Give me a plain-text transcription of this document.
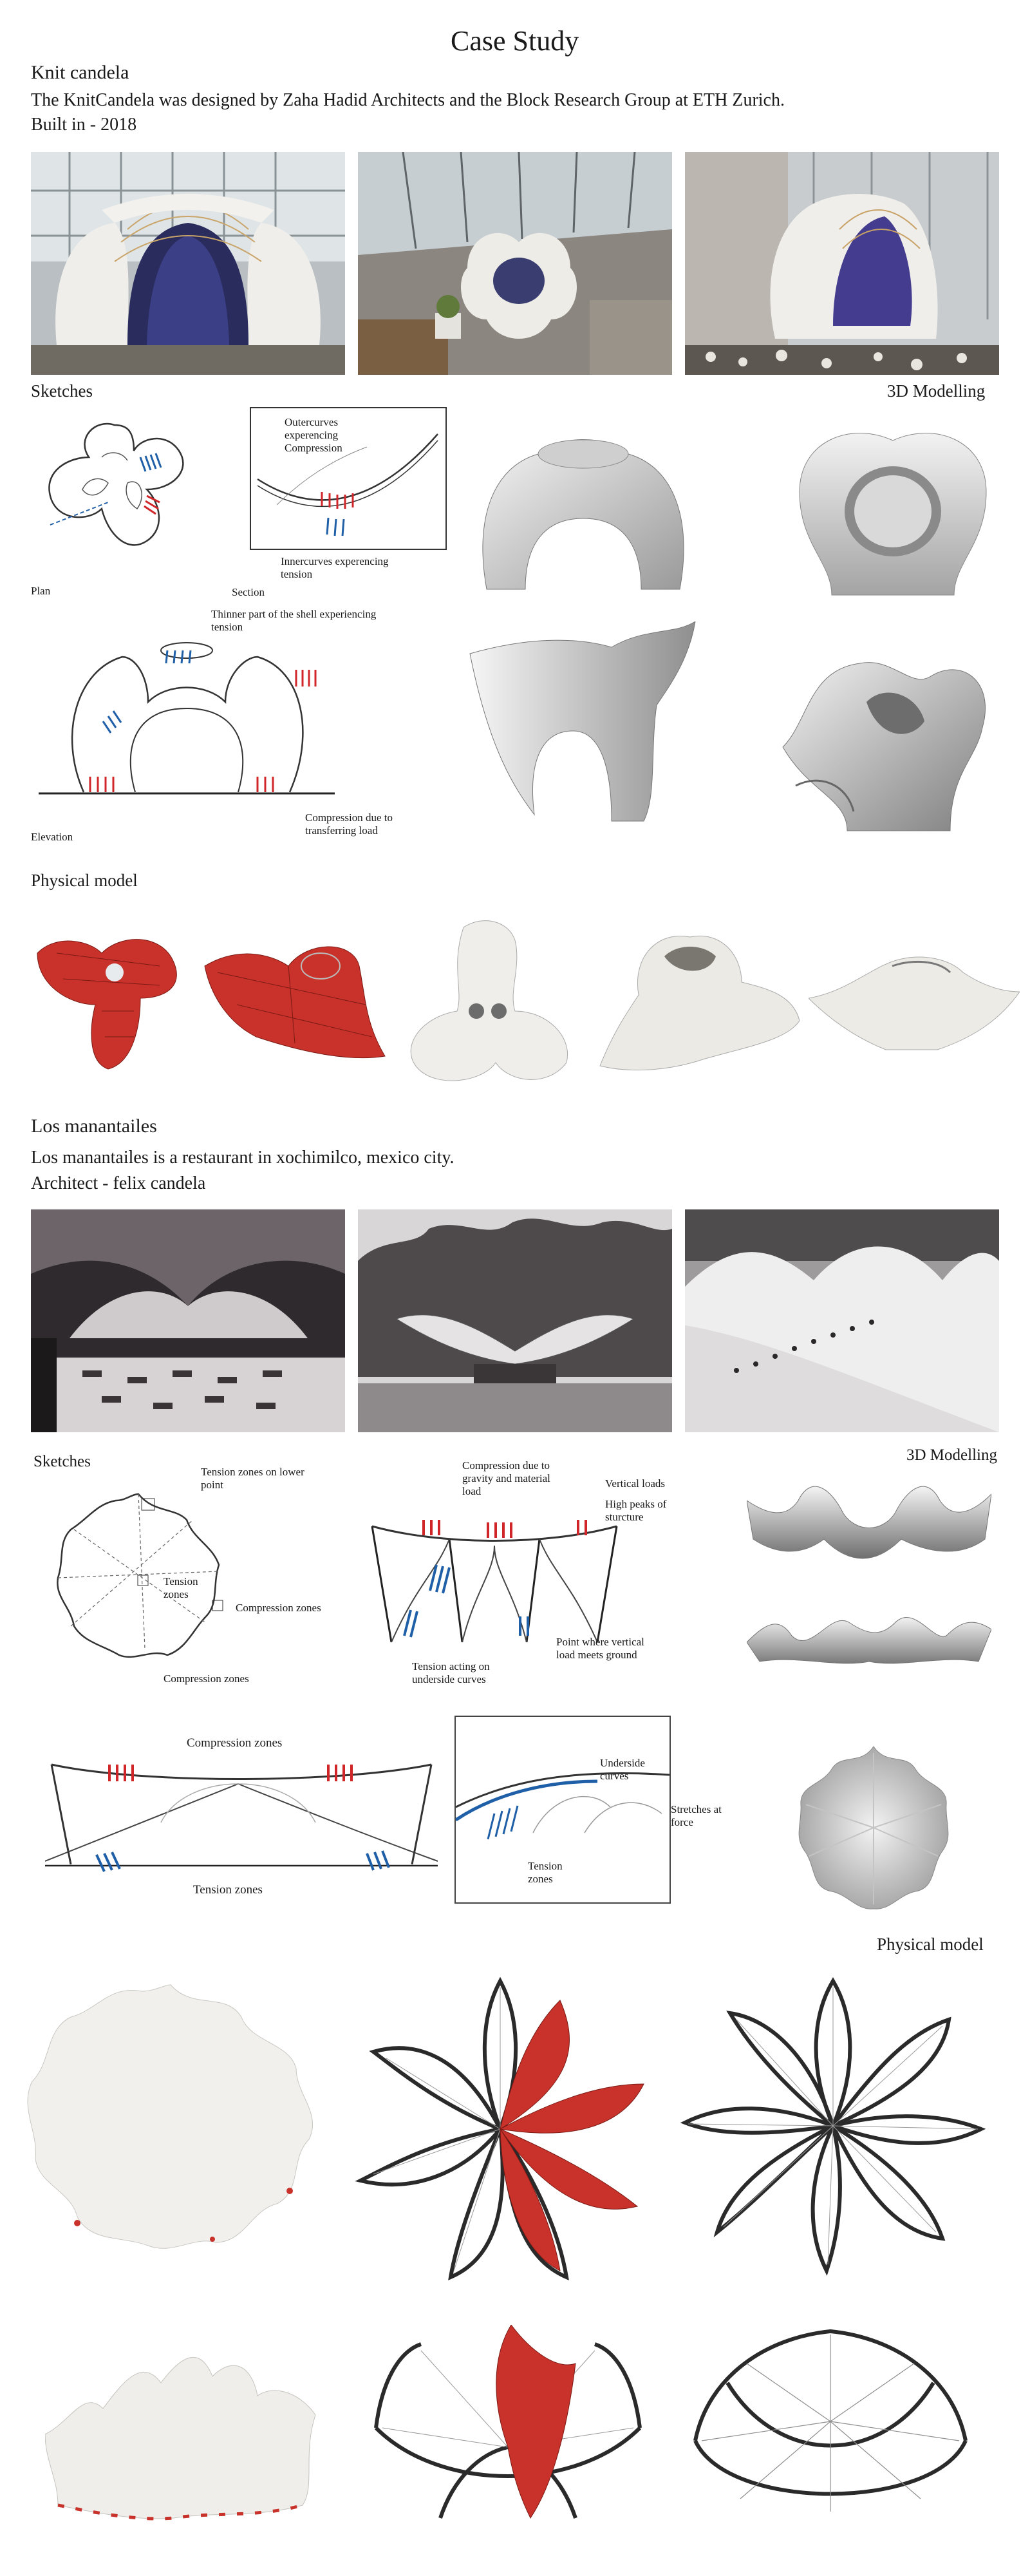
Case Study
Knit candela
The KnitCandela was designed by Zaha Hadid Architects and the Block Research Group at ETH Zurich.
Built in - 2018
Sketches	3D Modelling
Plan
Outercurves
experencing
Compression
Innercurves experencing
tension
Section
Thinner part of the shell experiencing
tension
Compression due to
transferring load
Elevation
Physical model
Los manantailes
Los manantailes is a restaurant in xochimilco, mexico city.
Architect - felix candela
Sketches	3D Modelling
Tension zones on lower
point
Tension
zones
Compression zones
Compression zones
Compression due to
gravity and material
load
Vertical loads
High peaks of
sturcture
Tension acting on
underside curves
Point where vertical
load meets ground
Compression zones
Tension zones
Underside
curves
Stretches at
force
Tension
zones
Physical model
